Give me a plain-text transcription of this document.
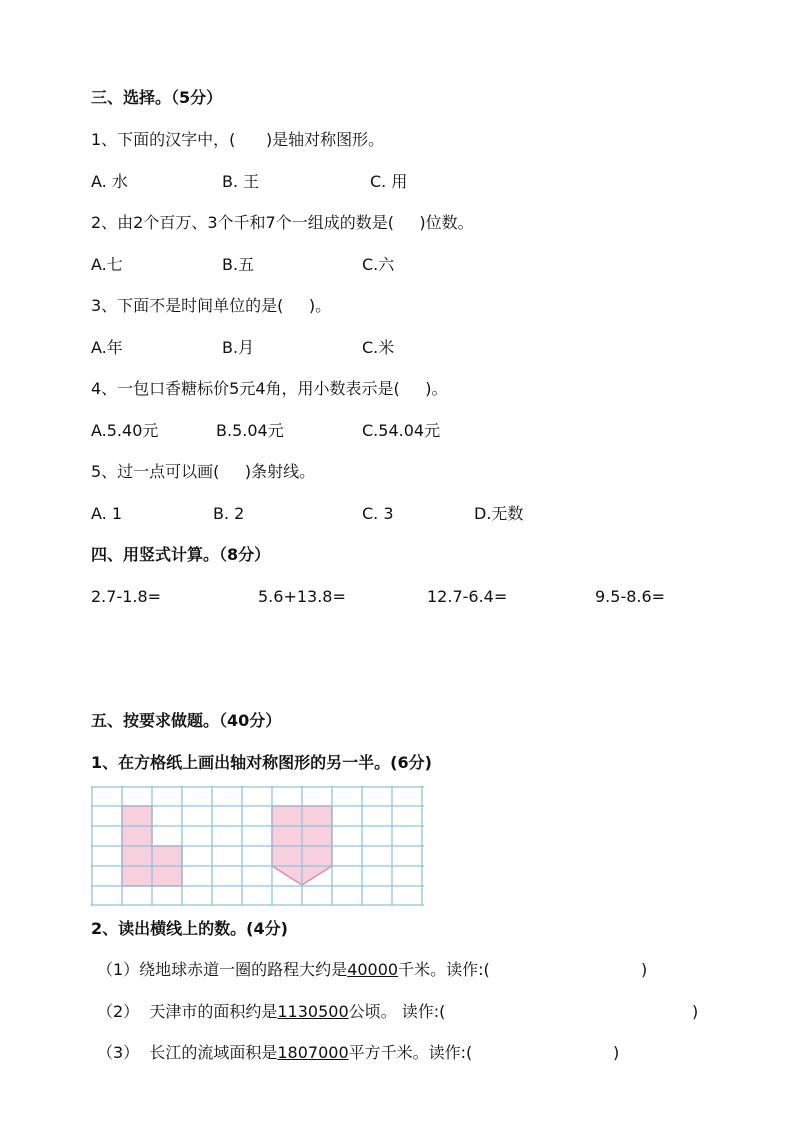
三、选择。（5分）
1、下面的汉字中，(      )是轴对称图形。
A. 水	B. 王	C. 用
2、由2个百万、3个千和7个一组成的数是(     )位数。
A.七	B.五	C.六
3、下面不是时间单位的是(     )。
A.年	B.月	C.米
4、一包口香糖标价5元4角，用小数表示是(     )。
A.5.40元	B.5.04元	C.54.04元
5、过一点可以画(     )条射线。
A. 1	B. 2	C. 3	D.无数
四、用竖式计算。（8分）
2.7-1.8=	5.6+13.8=	12.7-6.4=	9.5-8.6=
五、按要求做题。（40分）
1、在方格纸上画出轴对称图形的另一半。(6分)
2、读出横线上的数。(4分)
（1）绕地球赤道一圈的路程大约是40000千米。读作:(	)
（2）  天津市的面积约是1130500公顷。 读作:(	)
（3）  长江的流域面积是1807000平方千米。读作:(	)
